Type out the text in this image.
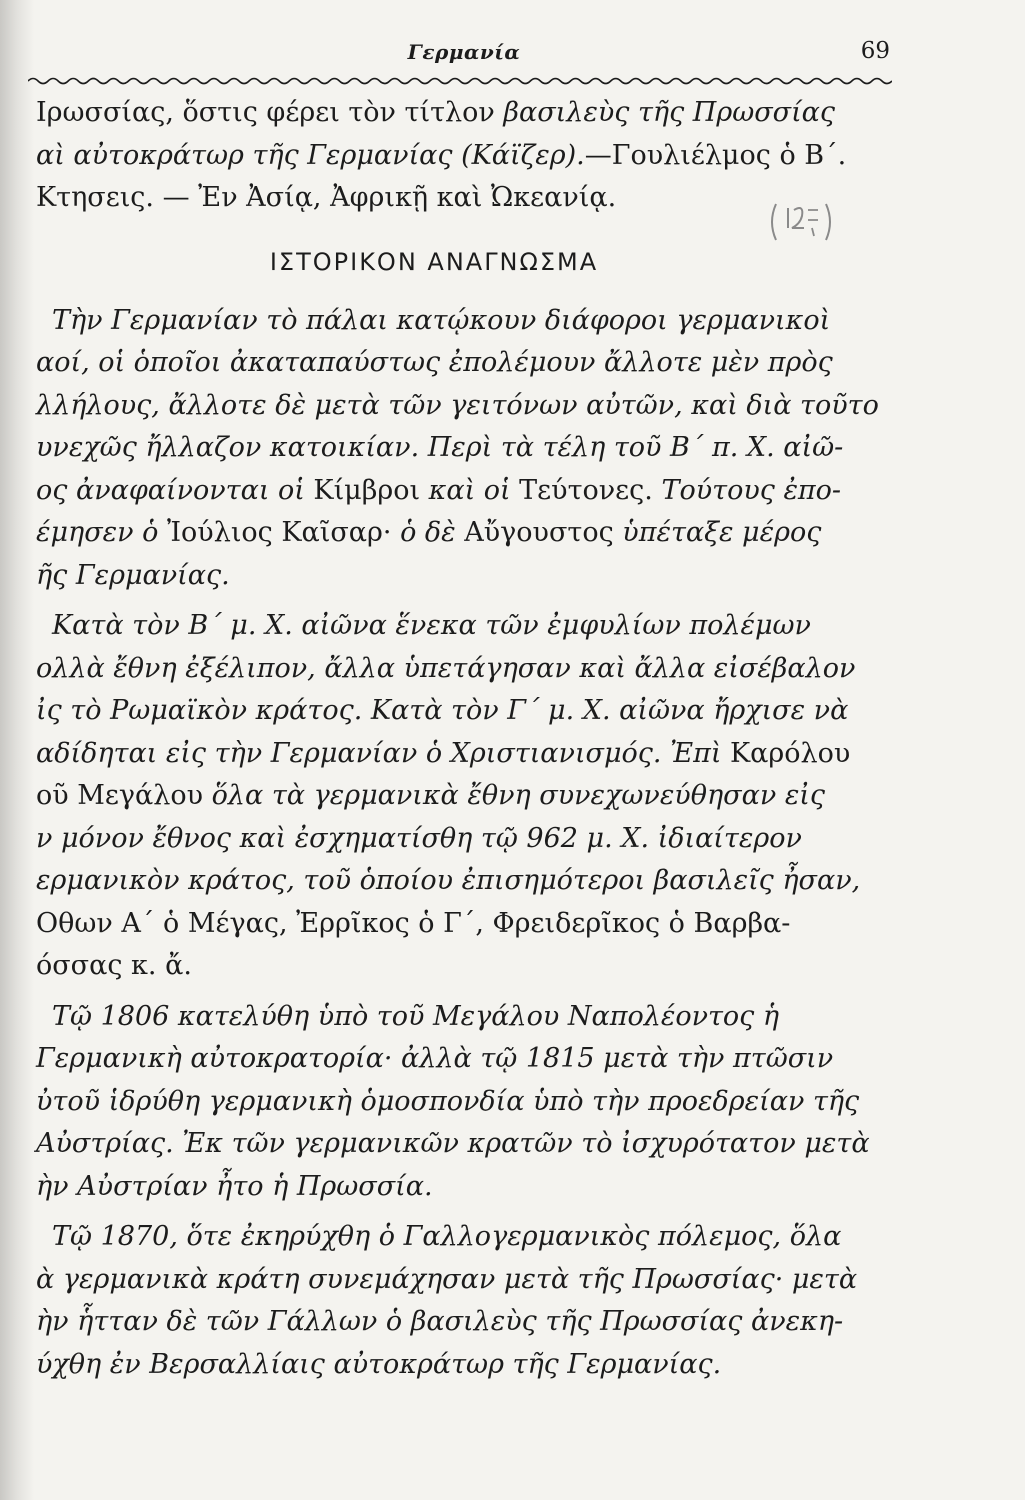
Γερμανία	69
Ιρωσσίας, ὅστις φέρει τὸν τίτλον βασιλεὺς τῆς Πρωσσίας
αὶ αὐτοκράτωρ τῆς Γερμανίας (Κάϊζερ).—Γουλιέλμος ὁ Β΄.
Κτησεις. — Ἐν Ἀσίᾳ, Ἀφρικῇ καὶ Ὠκεανίᾳ.
ΙΣΤΟΡΙΚΟΝ ΑΝΑΓΝΩΣΜΑ
Τὴν Γερμανίαν τὸ πάλαι κατῴκουν διάφοροι γερμανικοὶ
αοί, οἱ ὁποῖοι ἀκαταπαύστως ἐπολέμουν ἄλλοτε μὲν πρὸς
λλήλους, ἄλλοτε δὲ μετὰ τῶν γειτόνων αὐτῶν, καὶ διὰ τοῦτο
υνεχῶς ἤλλαζον κατοικίαν. Περὶ τὰ τέλη τοῦ Β΄ π. Χ. αἰῶ-
ος ἀναφαίνονται οἱ Κίμβροι καὶ οἱ Τεύτονες. Τούτους ἐπο-
έμησεν ὁ Ἰούλιος Καῖσαρ· ὁ δὲ Αὔγουστος ὑπέταξε μέρος
ῆς Γερμανίας.
Κατὰ τὸν Β΄ μ. Χ. αἰῶνα ἕνεκα τῶν ἐμφυλίων πολέμων
ολλὰ ἔθνη ἐξέλιπον, ἄλλα ὑπετάγησαν καὶ ἄλλα εἰσέβαλον
ἰς τὸ Ρωμαϊκὸν κράτος. Κατὰ τὸν Γ΄ μ. Χ. αἰῶνα ἤρχισε νὰ
αδίδηται εἰς τὴν Γερμανίαν ὁ Χριστιανισμός. Ἐπὶ Καρόλου
οῦ Μεγάλου ὅλα τὰ γερμανικὰ ἔθνη συνεχωνεύθησαν εἰς
ν μόνον ἔθνος καὶ ἐσχηματίσθη τῷ 962 μ. Χ. ἰδιαίτερον
ερμανικὸν κράτος, τοῦ ὁποίου ἐπισημότεροι βασιλεῖς ἦσαν,
Οθων Α΄ ὁ Μέγας, Ἐρρῖκος ὁ Γ΄, Φρειδερῖκος ὁ Βαρβα-
όσσας κ. ἄ.
Τῷ 1806 κατελύθη ὑπὸ τοῦ Μεγάλου Ναπολέοντος ἡ
Γερμανικὴ αὐτοκρατορία· ἀλλὰ τῷ 1815 μετὰ τὴν πτῶσιν
ὐτοῦ ἱδρύθη γερμανικὴ ὁμοσπονδία ὑπὸ τὴν προεδρείαν τῆς
Αὐστρίας. Ἐκ τῶν γερμανικῶν κρατῶν τὸ ἰσχυρότατον μετὰ
ὴν Αὐστρίαν ἦτο ἡ Πρωσσία.
Τῷ 1870, ὅτε ἐκηρύχθη ὁ Γαλλογερμανικὸς πόλεμος, ὅλα
ὰ γερμανικὰ κράτη συνεμάχησαν μετὰ τῆς Πρωσσίας· μετὰ
ὴν ἧτταν δὲ τῶν Γάλλων ὁ βασιλεὺς τῆς Πρωσσίας ἀνεκη-
ύχθη ἐν Βερσαλλίαις αὐτοκράτωρ τῆς Γερμανίας.
